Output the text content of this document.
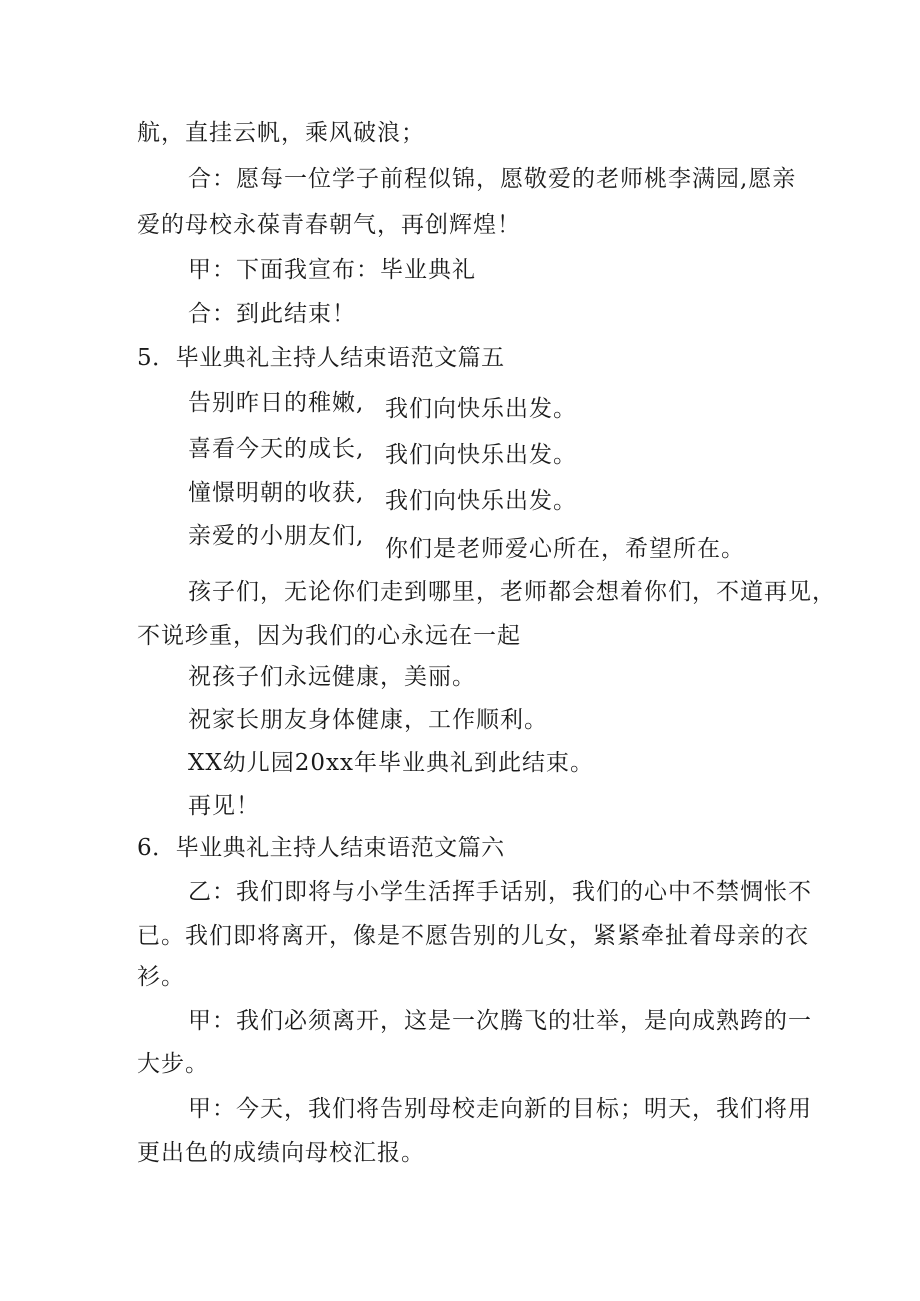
航，直挂云帆，乘风破浪；
合：愿每一位学子前程似锦，愿敬爱的老师桃李满园,愿亲
爱的母校永葆青春朝气，再创辉煌！
甲：下面我宣布：毕业典礼
合：到此结束！
5．毕业典礼主持人结束语范文篇五
告别昨日的稚嫩, 我们向快乐出发。
喜看今天的成长, 我们向快乐出发。
憧憬明朝的收获, 我们向快乐出发。
亲爱的小朋友们, 你们是老师爱心所在，希望所在。
孩子们，无论你们走到哪里，老师都会想着你们，不道再见，
不说珍重，因为我们的心永远在一起
祝孩子们永远健康，美丽。
祝家长朋友身体健康，工作顺利。
XX幼儿园20xx年毕业典礼到此结束。
再见！
6．毕业典礼主持人结束语范文篇六
乙：我们即将与小学生活挥手话别，我们的心中不禁惆怅不
已。我们即将离开，像是不愿告别的儿女，紧紧牵扯着母亲的衣
衫。
甲：我们必须离开，这是一次腾飞的壮举，是向成熟跨的一
大步。
甲：今天，我们将告别母校走向新的目标；明天，我们将用
更出色的成绩向母校汇报。
